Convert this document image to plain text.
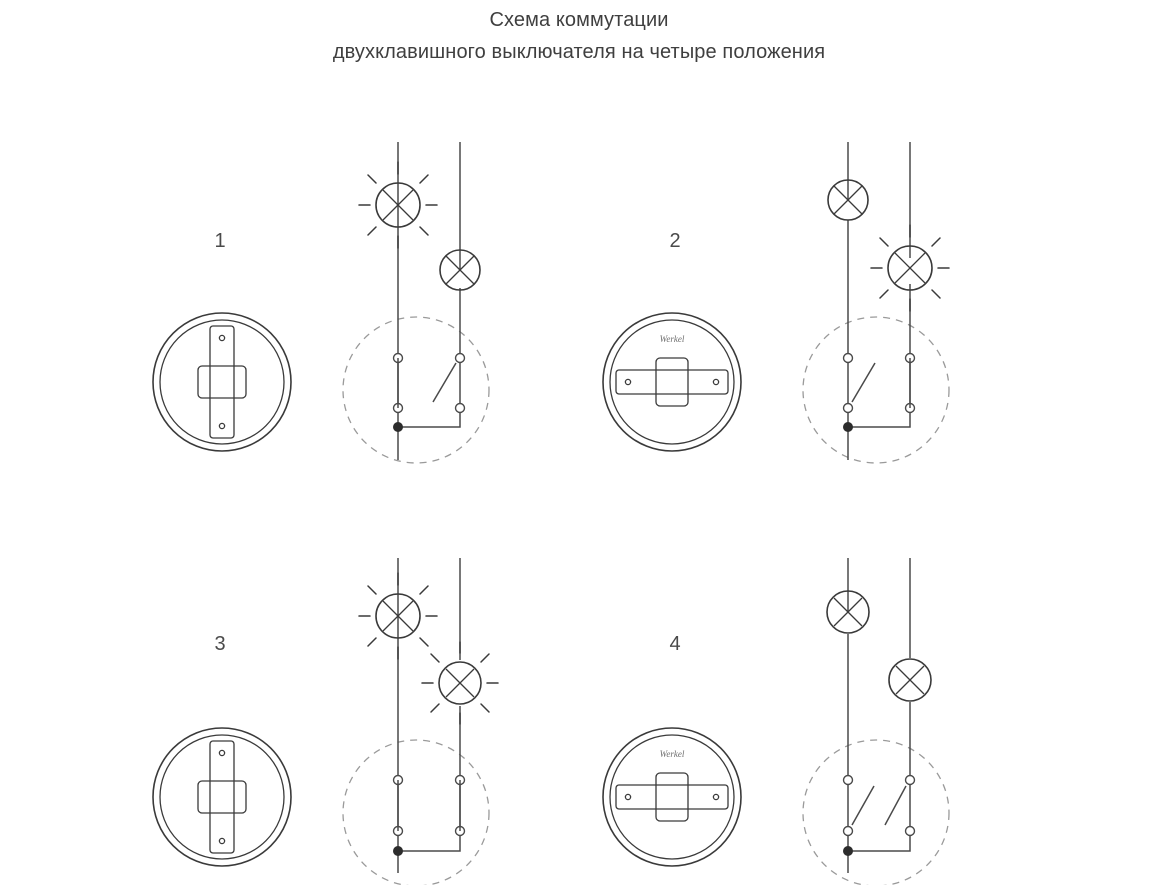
Схема коммутации
двухклавишного выключателя на четыре положения
1	2
Werkel
3	4
Werkel
